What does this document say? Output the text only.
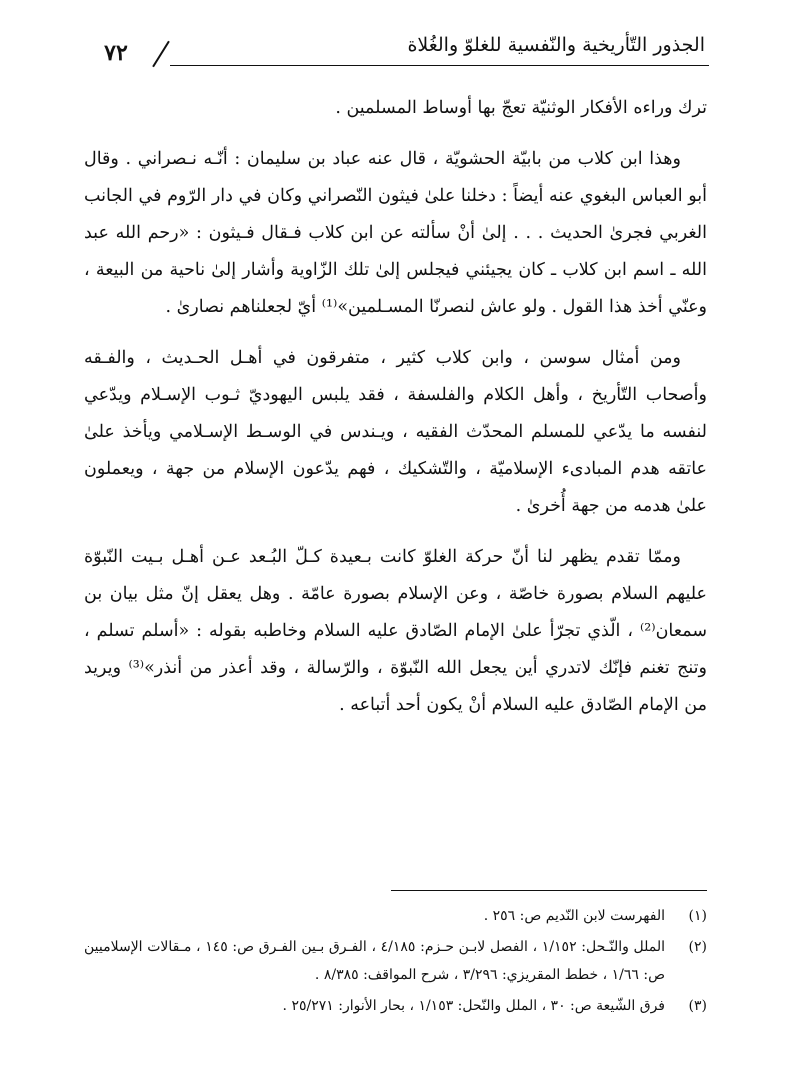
الجذور التّأريخية والنّفسية للغلوّ والغُلاة
٧٢

ترك وراءه الأفكار الوثنيّة تعجّ بها أوساط المسلمين .

وهذا ابن كلاب من بابيّة الحشويّة ، قال عنه عباد بن سليمان : أنّـه نـصراني . وقال أبو العباس البغوي عنه أيضاً : دخلنا علىٰ فيثون النّصراني وكان في دار الرّوم في الجانب الغربي فجرىٰ الحديث . . . إلىٰ أنْ سألته عن ابن كلاب فـقال فـيثون : «رحم الله عبد الله ـ اسم ابن كلاب ـ كان يجيئني فيجلس إلىٰ تلك الزّاوية وأشار إلىٰ ناحية من البيعة ، وعنّي أخذ هذا القول . ولو عاش لنصرنّا المسـلمين»⁽¹⁾ أيّ لجعلناهم نصارىٰ .

ومن أمثال سوسن ، وابن كلاب كثير ، متفرقون في أهـل الحـديث ، والفـقه وأصحاب التّأريخ ، وأهل الكلام والفلسفة ، فقد يلبس اليهوديّ ثـوب الإسـلام ويدّعي لنفسه ما يدّعي للمسلم المحدّث الفقيه ، ويـندس في الوسـط الإسـلامي ويأخذ علىٰ عاتقه هدم المبادىء الإسلاميّة ، والتّشكيك ، فهم يدّعون الإسلام من جهة ، ويعملون علىٰ هدمه من جهة أُخرىٰ .

وممّا تقدم يظهر لنا أنّ حركة الغلوّ كانت بـعيدة كـلّ البُـعد عـن أهـل بـيت النّبوّة عليهم السلام بصورة خاصّة ، وعن الإسلام بصورة عامّة . وهل يعقل إنّ مثل بيان بن سمعان⁽²⁾ ، الّذي تجرّأ علىٰ الإمام الصّادق عليه السلام وخاطبه بقوله : «أسلم تسلم ، وتنج تغنم فإنّك لاتدري أين يجعل الله النّبوّة ، والرّسالة ، وقد أعذر من أنذر»⁽³⁾ ويريد من الإمام الصّادق عليه السلام أنْ يكون أحد أتباعه .

(١)
الفهرست لابن النّديم ص: ٢٥٦ .
(٢)
الملل والنّـحل: ١/١٥٢ ، الفصل لابـن حـزم: ٤/١٨٥ ، الفـرق بـين الفـرق ص: ١٤٥ ، مـقالات الإسلاميين ص: ١/٦٦ ، خطط المقريزي: ٣/٢٩٦ ، شرح المواقف: ٨/٣٨٥ .
(٣)
فرق الشّيعة ص: ٣٠ ، الملل والنّحل: ١/١٥٣ ، بحار الأنوار: ٢٥/٢٧١ .
